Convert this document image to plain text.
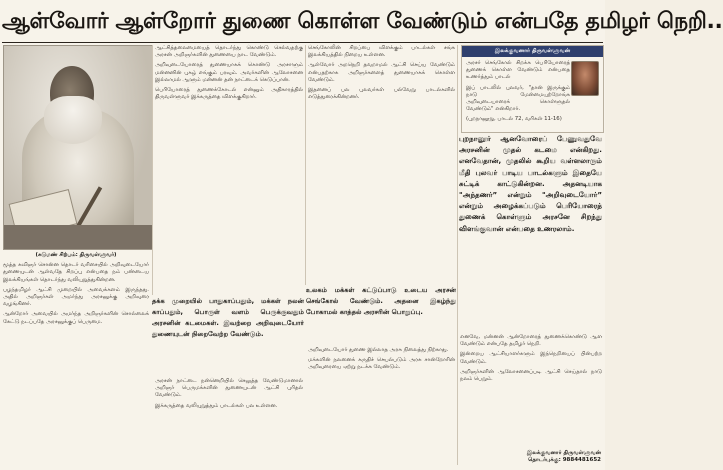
ஆள்வோர் ஆள்றோர் துணை கொள்ள வேண்டும் என்பதே தமிழர் நெறி..

ஆட்சித்தலைமையைத் தொடர்ந்து கொண்டு செல்வதற்கு அரசன் அறிஞர்களின் துணையை நாட வேண்டும்.

அறிவுடையோரைத் துணையாகக் கொண்டு அரசாளும் மன்னனின் புகழ் எங்கும் பரவும். அவர்களின் ஆலோசனை இல்லாமல் ஆளும் மன்னன் தன் நாட்டைக் கெடுப்பான்.

பெரியோரைத் துணைக்கோடல் என்னும் அதிகாரத்தில் திருவள்ளுவர் இக்கருத்தை விளக்குகிறார்.

செங்கோலின் சிறப்பை விளக்கும் பாடல்கள் சங்க இலக்கியத்தில் நிறைய உள்ளன.

ஆள்வோர் அறநெறி தவறாமல் ஆட்சி செய்ய வேண்டும் என்பதற்காக அறிஞர்களைத் துணையாகக் கொள்ள வேண்டும்.

இதனைப் பல புலவர்கள் பல்வேறு பாடல்களில் எடுத்துரைக்கின்றனர்.

இலக்குவனார் திருவள்ளுவன்

அரசர் செங்கோல் சிறக்க பெரியோரைத் துணைக் கொள்ள வேண்டும் என்பதை உணர்த்தும் பாடல்

இப் பாடலில் புலவர், "தான் இருக்கும் நாடு மேன்மையுற்றோங்க அறிவுடையாரைக் கொள்ளுதல் வேண்டும்" என்கிறார்.

(புறநானூறு, பாடல் 72, வரிகள் 11-16)

புறநானூர் ஆனவோரைப் பேணுவதுவே அரசனின் முதல் கடமை என்கிறது. எனவேதான், முதலில் கூறிய வள்ளலாரும் மீதி புலவர் பாடிய பாடல்களும் இதையே சுட்டிக் காட்டுகின்றன. அதனடியாக "அந்தணர்” என்றும் "அறிவுடையோர்” என்றும் அழைக்கப்படும் பெரியோரைத் துணைக் கொள்ளும் அரசனே சிறந்து விளங்குவான் என்பதை உணரலாம்.

(சுடுமண் சிற்பம்: திருவள்ளுவர்)

மூத்த கவிஞர் சொன்ன தொடர் வரிசையில் அறிவுடையோர் துணையுடன் ஆள்வதே சிறப்பு என்பதை நம் பண்டைய இலக்கியங்கள் தொடர்ந்து வலியுறுத்துகின்றன.

பழந்தமிழர் ஆட்சி முறையில் அவைக்களம் இருந்தது. அதில் அறிஞர்கள் அமர்ந்து அரசனுக்கு அறிவுரை வழங்கினர்.

ஆன்றோர் அவையில் அமர்ந்த அறிஞர்களின் சொல்லைக் கேட்டு நடப்பதே அரசனுக்குப் பெருமை.

தக்க முறையில் பாதுகாப்பதும், மக்கள் நலன் காப்பதும், பொருள் வளம் பெருக்குவதும் அரசனின் கடமைகள். இவற்றை அறிவுடையோர் துணையுடன் நிறைவேற்ற வேண்டும்.

அரசன் நாட்டை நன்னெறியில் செலுத்த வேண்டுமானால் அறிஞர் பெருமக்களின் துணையுடன் ஆட்சி புரிதல் வேண்டும்.

இக்கருத்தை வலியுறுத்தும் பாடல்கள் பல உள்ளன.

உலகம் மக்கள் கட்டுப்பாடு உடைய அரசன் செங்கோல் வேண்டும். அதனை இகழ்ந்து போகாமல் காத்தல் அரசரின் பொறுப்பு.

அறிவுடையோர் துணை இல்லாத அரசு நிலைத்து நிற்காது.

மக்களின் நலனைக் கருதிச் செயல்படும் அரசு சான்றோரின் அறிவுரையை ஏற்று நடக்க வேண்டும்.

எனவே, மன்னன் ஆன்றோரைத் துணைக்கொண்டு ஆள வேண்டும் என்பதே தமிழர் நெறி.

இன்றைய ஆட்சியாளர்களும் இந்நெறியைப் பின்பற்ற வேண்டும்.

அறிஞர்களின் ஆலோசனைப்படி ஆட்சி செய்தால் நாடு நலம் பெறும்.

இலக்குவனார் திருவள்ளுவன்
தொடர்புக்கு: 9884481652
